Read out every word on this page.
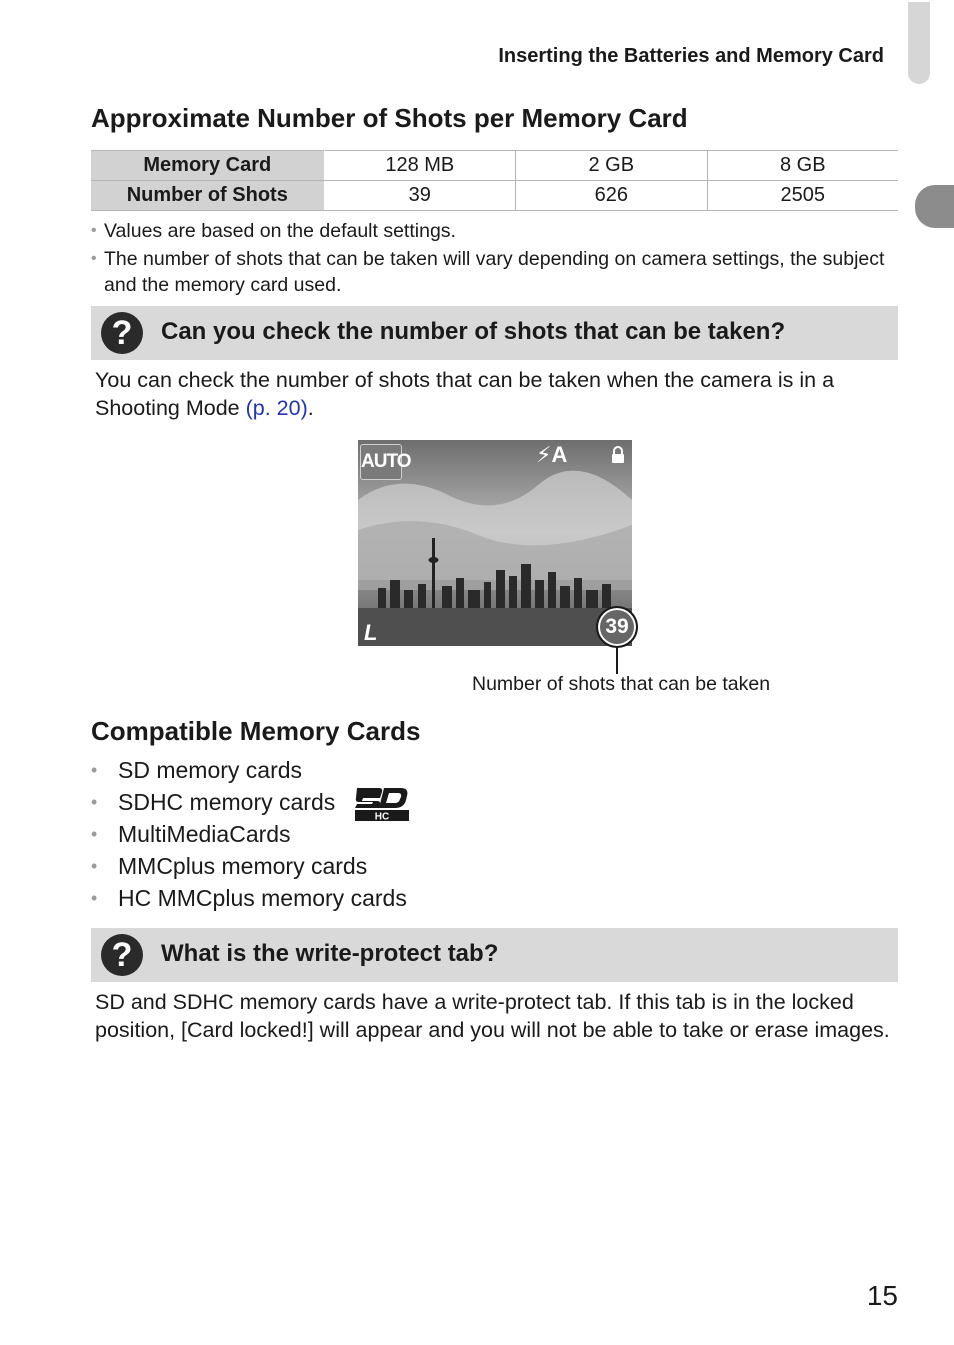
Inserting the Batteries and Memory Card
Approximate Number of Shots per Memory Card
Memory Card	128 MB	2 GB	8 GB
Number of Shots	39	626	2505
• Values are based on the default settings.
• The number of shots that can be taken will vary depending on camera settings, the subject and the memory card used.
?	Can you check the number of shots that can be taken?
You can check the number of shots that can be taken when the camera is in a Shooting Mode (p. 20).
AUTO	⚡A
L	39
Number of shots that can be taken
Compatible Memory Cards
• SD memory cards
• SDHC memory cards
• MultiMediaCards
• MMCplus memory cards
• HC MMCplus memory cards
HC
?	What is the write-protect tab?
SD and SDHC memory cards have a write-protect tab. If this tab is in the locked position, [Card locked!] will appear and you will not be able to take or erase images.
15
